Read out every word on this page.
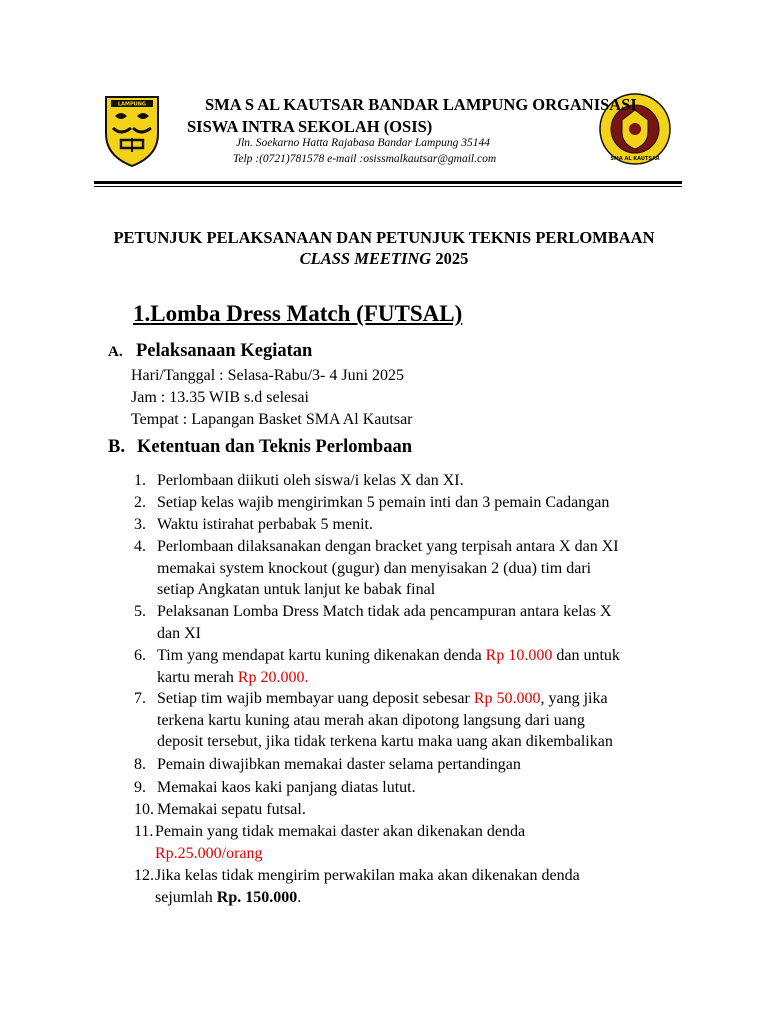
LAMPUNG
SMA AL KAUTSAR
SMA S AL KAUTSAR BANDAR LAMPUNG ORGANISASI
SISWA INTRA SEKOLAH (OSIS)
Jln. Soekarno Hatta Rajabasa Bandar Lampung 35144
Telp :(0721)781578 e-mail :osissmalkautsar@gmail.com
PETUNJUK PELAKSANAAN DAN PETUNJUK TEKNIS PERLOMBAAN
CLASS MEETING 2025
1.Lomba Dress Match (FUTSAL)
A. Pelaksanaan Kegiatan
Hari/Tanggal : Selasa-Rabu/3- 4 Juni 2025
Jam : 13.35 WIB s.d selesai
Tempat : Lapangan Basket SMA Al Kautsar
B. Ketentuan dan Teknis Perlombaan
1. Perlombaan diikuti oleh siswa/i kelas X dan XI.
2. Setiap kelas wajib mengirimkan 5 pemain inti dan 3 pemain Cadangan
3. Waktu istirahat perbabak 5 menit.
4. Perlombaan dilaksanakan dengan bracket yang terpisah antara X dan XI
memakai system knockout (gugur) dan menyisakan 2 (dua) tim dari
setiap Angkatan untuk lanjut ke babak final
5. Pelaksanan Lomba Dress Match tidak ada pencampuran antara kelas X
dan XI
6. Tim yang mendapat kartu kuning dikenakan denda Rp 10.000 dan untuk
kartu merah Rp 20.000.
7. Setiap tim wajib membayar uang deposit sebesar Rp 50.000, yang jika
terkena kartu kuning atau merah akan dipotong langsung dari uang
deposit tersebut, jika tidak terkena kartu maka uang akan dikembalikan
8. Pemain diwajibkan memakai daster selama pertandingan
9. Memakai kaos kaki panjang diatas lutut.
10. Memakai sepatu futsal.
11. Pemain yang tidak memakai daster akan dikenakan denda
Rp.25.000/orang
12. Jika kelas tidak mengirim perwakilan maka akan dikenakan denda
sejumlah Rp. 150.000.
